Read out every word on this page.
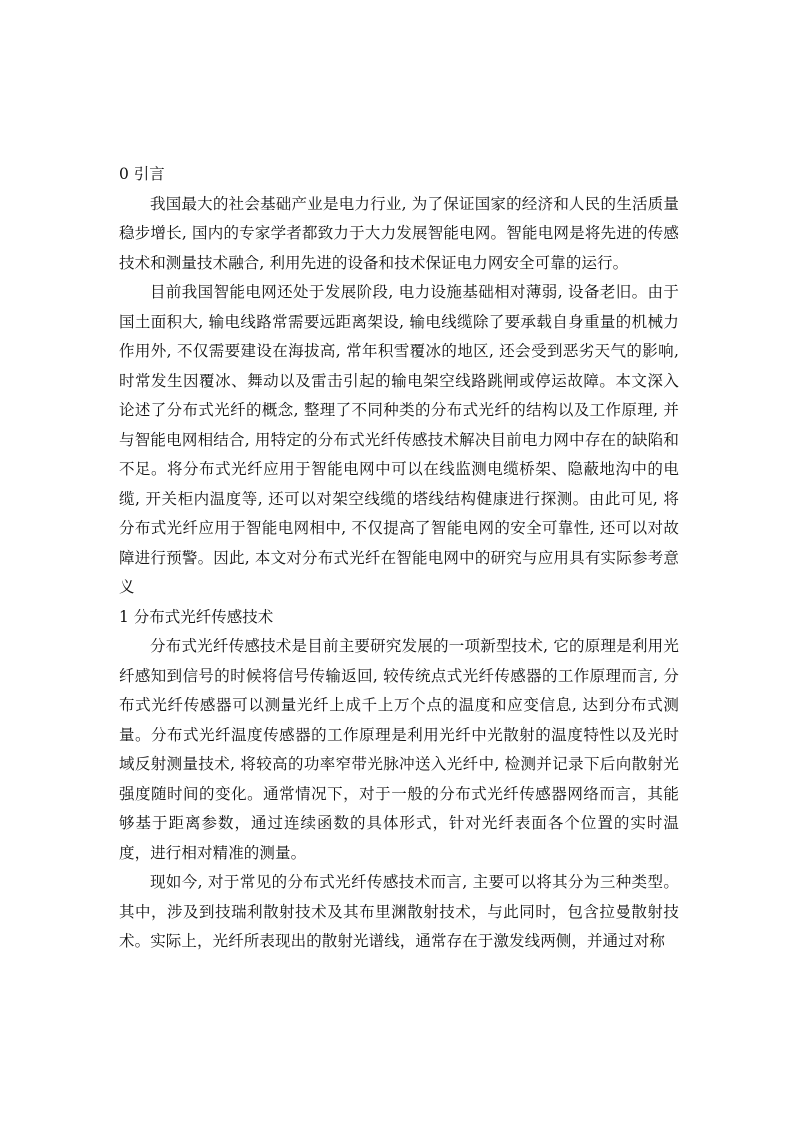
0 引言

我国最大的社会基础产业是电力行业, 为了保证国家的经济和人民的生活质量稳步增长, 国内的专家学者都致力于大力发展智能电网。智能电网是将先进的传感技术和测量技术融合, 利用先进的设备和技术保证电力网安全可靠的运行。

目前我国智能电网还处于发展阶段, 电力设施基础相对薄弱, 设备老旧。由于国土面积大, 输电线路常需要远距离架设, 输电线缆除了要承载自身重量的机械力作用外, 不仅需要建设在海拔高, 常年积雪覆冰的地区, 还会受到恶劣天气的影响, 时常发生因覆冰、舞动以及雷击引起的输电架空线路跳闸或停运故障。本文深入论述了分布式光纤的概念, 整理了不同种类的分布式光纤的结构以及工作原理, 并与智能电网相结合, 用特定的分布式光纤传感技术解决目前电力网中存在的缺陷和不足。将分布式光纤应用于智能电网中可以在线监测电缆桥架、隐蔽地沟中的电缆, 开关柜内温度等, 还可以对架空线缆的塔线结构健康进行探测。由此可见, 将分布式光纤应用于智能电网相中, 不仅提高了智能电网的安全可靠性, 还可以对故障进行预警。因此, 本文对分布式光纤在智能电网中的研究与应用具有实际参考意义

1 分布式光纤传感技术

分布式光纤传感技术是目前主要研究发展的一项新型技术, 它的原理是利用光纤感知到信号的时候将信号传输返回, 较传统点式光纤传感器的工作原理而言, 分布式光纤传感器可以测量光纤上成千上万个点的温度和应变信息, 达到分布式测量。分布式光纤温度传感器的工作原理是利用光纤中光散射的温度特性以及光时域反射测量技术, 将较高的功率窄带光脉冲送入光纤中, 检测并记录下后向散射光强度随时间的变化。通常情况下，对于一般的分布式光纤传感器网络而言，其能够基于距离参数，通过连续函数的具体形式，针对光纤表面各个位置的实时温度，进行相对精准的测量。

现如今, 对于常见的分布式光纤传感技术而言, 主要可以将其分为三种类型。其中，涉及到技瑞利散射技术及其布里渊散射技术，与此同时，包含拉曼散射技术。实际上，光纤所表现出的散射光谱线，通常存在于激发线两侧，并通过对称
